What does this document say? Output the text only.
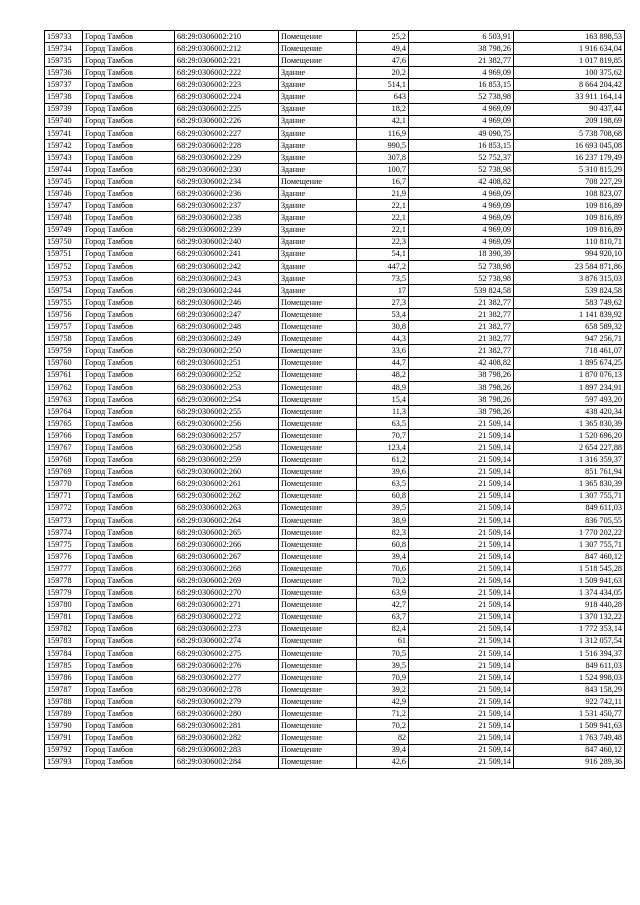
159733	Город Тамбов	68:29:0306002:210	Помещение	25,2	6 503,91	163 898,53
159734	Город Тамбов	68:29:0306002:212	Помещение	49,4	38 798,26	1 916 634,04
159735	Город Тамбов	68:29:0306002:221	Помещение	47,6	21 382,77	1 017 819,85
159736	Город Тамбов	68:29:0306002:222	Здание	20,2	4 969,09	100 375,62
159737	Город Тамбов	68:29:0306002:223	Здание	514,1	16 853,15	8 664 204,42
159738	Город Тамбов	68:29:0306002:224	Здание	643	52 738,98	33 911 164,14
159739	Город Тамбов	68:29:0306002:225	Здание	18,2	4 969,09	90 437,44
159740	Город Тамбов	68:29:0306002:226	Здание	42,1	4 969,09	209 198,69
159741	Город Тамбов	68:29:0306002:227	Здание	116,9	49 090,75	5 738 708,68
159742	Город Тамбов	68:29:0306002:228	Здание	990,5	16 853,15	16 693 045,08
159743	Город Тамбов	68:29:0306002:229	Здание	307,8	52 752,37	16 237 179,49
159744	Город Тамбов	68:29:0306002:230	Здание	100,7	52 738,98	5 310 815,29
159745	Город Тамбов	68:29:0306002:234	Помещение	16,7	42 408,82	708 227,29
159746	Город Тамбов	68:29:0306002:236	Здание	21,9	4 969,09	108 823,07
159747	Город Тамбов	68:29:0306002:237	Здание	22,1	4 969,09	109 816,89
159748	Город Тамбов	68:29:0306002:238	Здание	22,1	4 969,09	109 816,89
159749	Город Тамбов	68:29:0306002:239	Здание	22,1	4 969,09	109 816,89
159750	Город Тамбов	68:29:0306002:240	Здание	22,3	4 969,09	110 810,71
159751	Город Тамбов	68:29:0306002:241	Здание	54,1	18 390,39	994 920,10
159752	Город Тамбов	68:29:0306002:242	Здание	447,2	52 738,98	23 584 871,86
159753	Город Тамбов	68:29:0306002:243	Здание	73,5	52 738,98	3 876 315,03
159754	Город Тамбов	68:29:0306002:244	Здание	17	539 824,58	539 824,58
159755	Город Тамбов	68:29:0306002:246	Помещение	27,3	21 382,77	583 749,62
159756	Город Тамбов	68:29:0306002:247	Помещение	53,4	21 382,77	1 141 839,92
159757	Город Тамбов	68:29:0306002:248	Помещение	30,8	21 382,77	658 589,32
159758	Город Тамбов	68:29:0306002:249	Помещение	44,3	21 382,77	947 256,71
159759	Город Тамбов	68:29:0306002:250	Помещение	33,6	21 382,77	718 461,07
159760	Город Тамбов	68:29:0306002:251	Помещение	44,7	42 408,82	1 895 674,25
159761	Город Тамбов	68:29:0306002:252	Помещение	48,2	38 798,26	1 870 076,13
159762	Город Тамбов	68:29:0306002:253	Помещение	48,9	38 798,26	1 897 234,91
159763	Город Тамбов	68:29:0306002:254	Помещение	15,4	38 798,26	597 493,20
159764	Город Тамбов	68:29:0306002:255	Помещение	11,3	38 798,26	438 420,34
159765	Город Тамбов	68:29:0306002:256	Помещение	63,5	21 509,14	1 365 830,39
159766	Город Тамбов	68:29:0306002:257	Помещение	70,7	21 509,14	1 520 696,20
159767	Город Тамбов	68:29:0306002:258	Помещение	123,4	21 509,14	2 654 227,88
159768	Город Тамбов	68:29:0306002:259	Помещение	61,2	21 509,14	1 316 359,37
159769	Город Тамбов	68:29:0306002:260	Помещение	39,6	21 509,14	851 761,94
159770	Город Тамбов	68:29:0306002:261	Помещение	63,5	21 509,14	1 365 830,39
159771	Город Тамбов	68:29:0306002:262	Помещение	60,8	21 509,14	1 307 755,71
159772	Город Тамбов	68:29:0306002:263	Помещение	39,5	21 509,14	849 611,03
159773	Город Тамбов	68:29:0306002:264	Помещение	38,9	21 509,14	836 705,55
159774	Город Тамбов	68:29:0306002:265	Помещение	82,3	21 509,14	1 770 202,22
159775	Город Тамбов	68:29:0306002:266	Помещение	60,8	21 509,14	1 307 755,71
159776	Город Тамбов	68:29:0306002:267	Помещение	39,4	21 509,14	847 460,12
159777	Город Тамбов	68:29:0306002:268	Помещение	70,6	21 509,14	1 518 545,28
159778	Город Тамбов	68:29:0306002:269	Помещение	70,2	21 509,14	1 509 941,63
159779	Город Тамбов	68:29:0306002:270	Помещение	63,9	21 509,14	1 374 434,05
159780	Город Тамбов	68:29:0306002:271	Помещение	42,7	21 509,14	918 440,28
159781	Город Тамбов	68:29:0306002:272	Помещение	63,7	21 509,14	1 370 132,22
159782	Город Тамбов	68:29:0306002:273	Помещение	82,4	21 509,14	1 772 353,14
159783	Город Тамбов	68:29:0306002:274	Помещение	61	21 509,14	1 312 057,54
159784	Город Тамбов	68:29:0306002:275	Помещение	70,5	21 509,14	1 516 394,37
159785	Город Тамбов	68:29:0306002:276	Помещение	39,5	21 509,14	849 611,03
159786	Город Тамбов	68:29:0306002:277	Помещение	70,9	21 509,14	1 524 998,03
159787	Город Тамбов	68:29:0306002:278	Помещение	39,2	21 509,14	843 158,29
159788	Город Тамбов	68:29:0306002:279	Помещение	42,9	21 509,14	922 742,11
159789	Город Тамбов	68:29:0306002:280	Помещение	71,2	21 509,14	1 531 450,77
159790	Город Тамбов	68:29:0306002:281	Помещение	70,2	21 509,14	1 509 941,63
159791	Город Тамбов	68:29:0306002:282	Помещение	82	21 509,14	1 763 749,48
159792	Город Тамбов	68:29:0306002:283	Помещение	39,4	21 509,14	847 460,12
159793	Город Тамбов	68:29:0306002:284	Помещение	42,6	21 509,14	916 289,36
